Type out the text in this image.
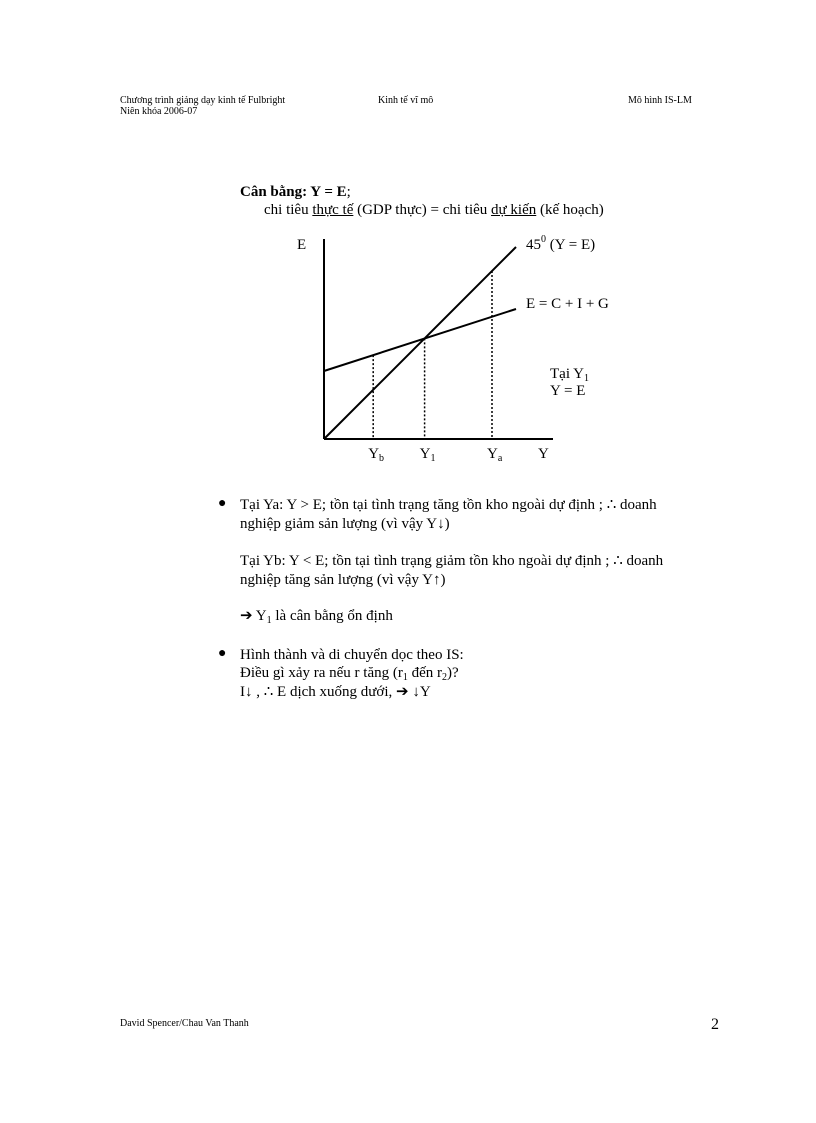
Chương trình giảng dạy kinh tế Fulbright
Niên khóa 2006-07
Kinh tế vĩ mô	Mô hình IS-LM
Cân bằng: Y = E;
chi tiêu thực tế (GDP thực) = chi tiêu dự kiến (kế hoạch)
E
Y
$Y_b$ $Y_1$	$Y_a$
$45^0$ (Y = E)
E = C + I + G
Tại $Y_1$
Y = E
● Tại Ya: Y > E; tồn tại tình trạng tăng tồn kho ngoài dự định ; ∴ doanh
nghiệp giảm sản lượng (vì vậy Y↓)
Tại Yb: Y < E; tồn tại tình trạng giảm tồn kho ngoài dự định ; ∴ doanh
nghiệp tăng sản lượng (vì vậy Y↑)
➔ $Y_1$ là cân bằng ổn định
● Hình thành và di chuyển dọc theo IS:
Điều gì xảy ra nếu r tăng ($r_1$ đến $r_2$)?
I↓ , ∴ E dịch xuống dưới, ➔ ↓Y
David Spencer/Chau Van Thanh	2
